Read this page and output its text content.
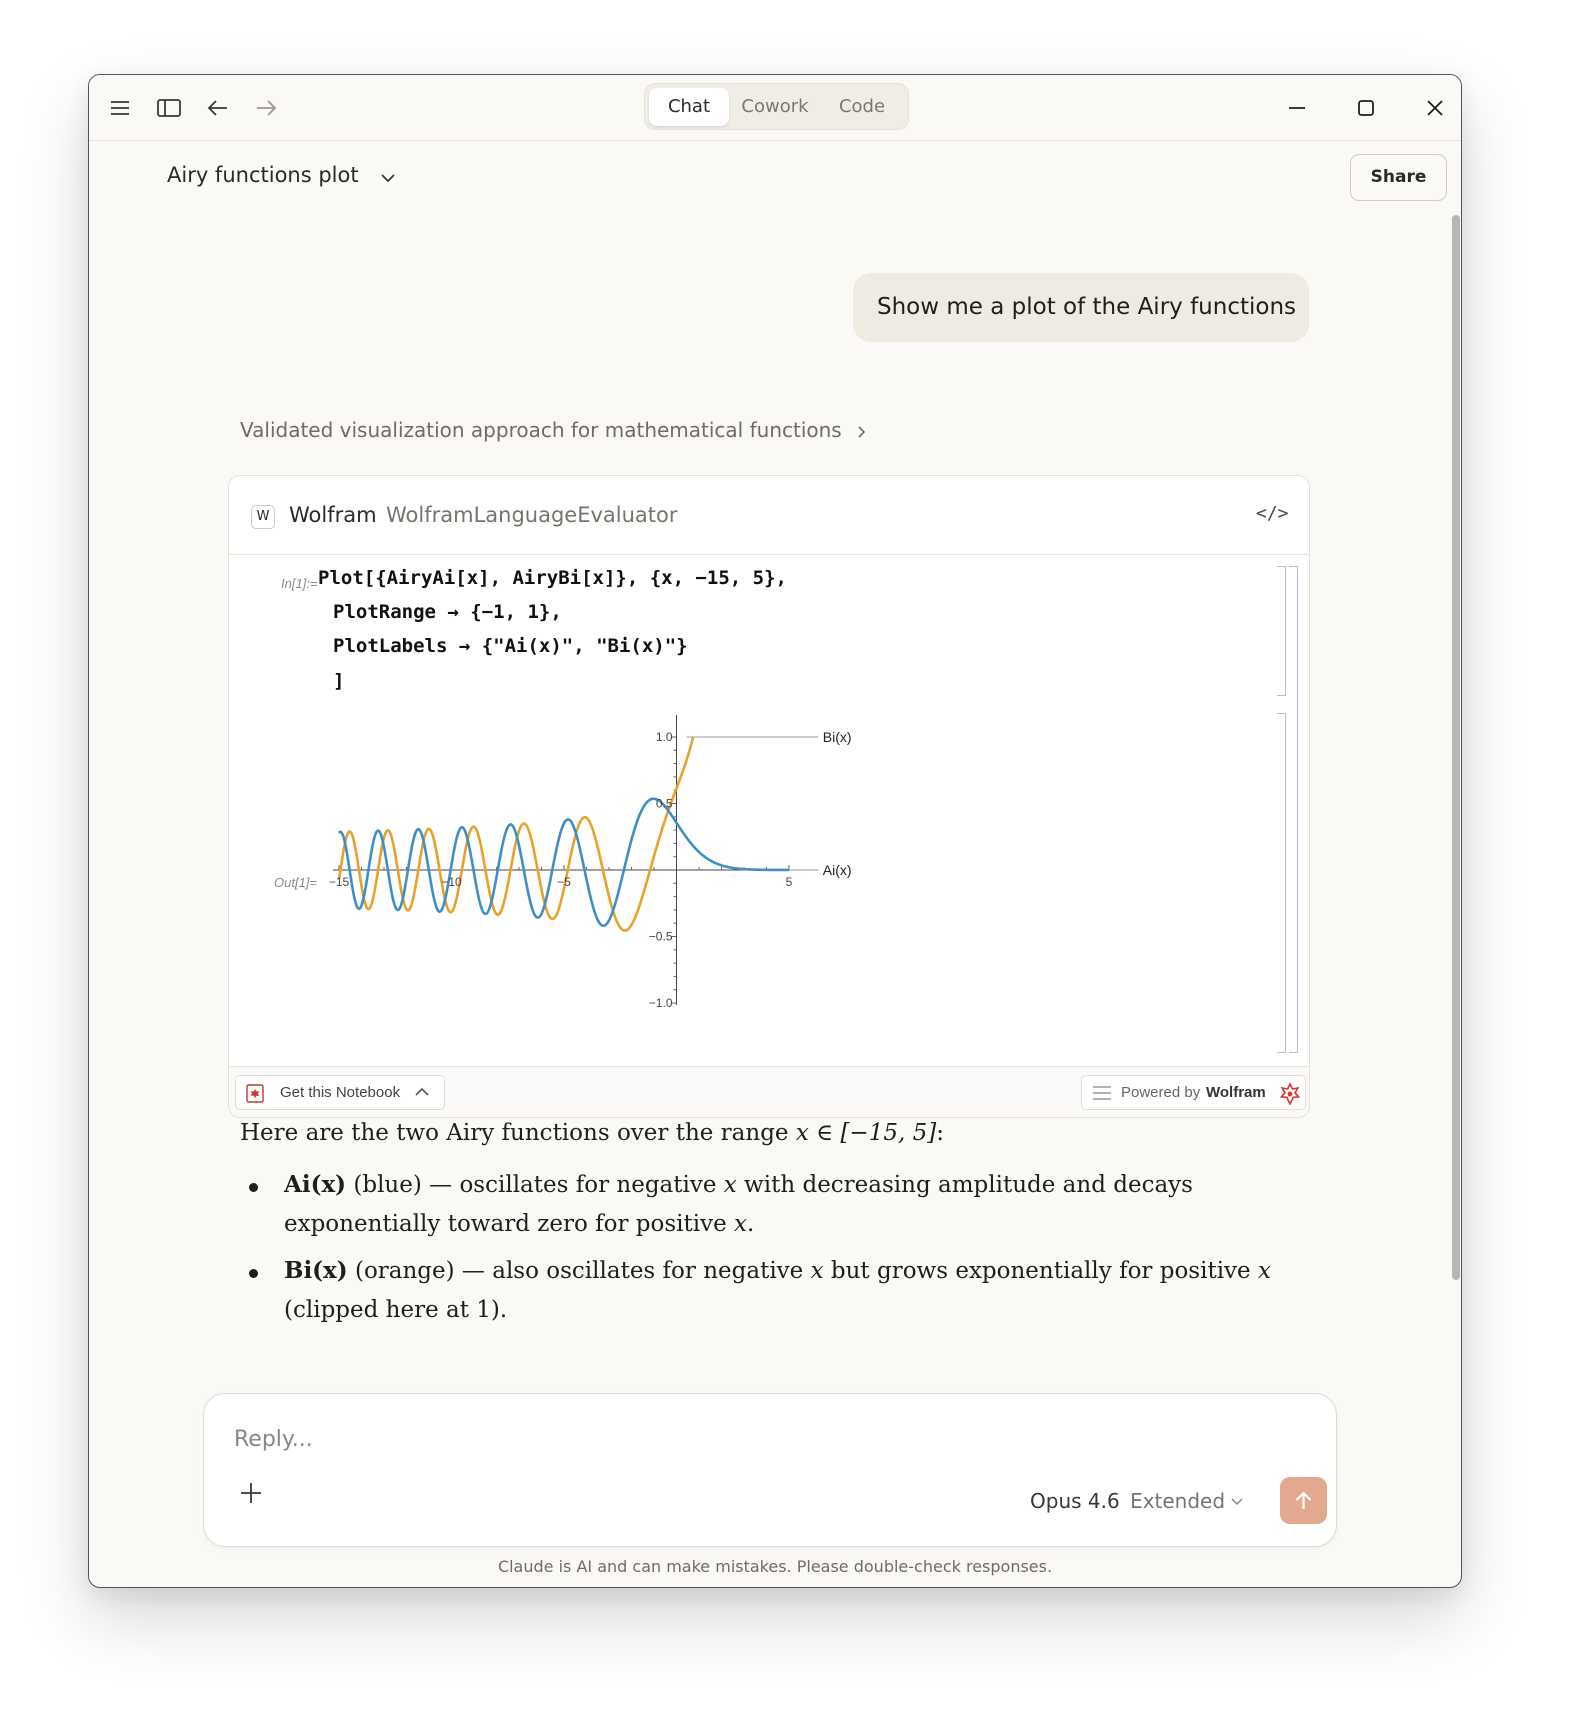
Chat	Cowork	Code
Airy functions plot	Share
Show me a plot of the Airy functions
Validated visualization approach for mathematical functions
W Wolfram WolframLanguageEvaluator	</>
In[1]:= Plot[{AiryAi[x], AiryBi[x]}, {x, −15, 5},
PlotRange → {−1, 1},
PlotLabels → {"Ai(x)", "Bi(x)"}
]
Out[1]= −15	−10	−5	5
1.0
0.5
−0.5
−1.0
Bi(x)
Ai(x)
Get this Notebook	Powered by Wolfram
Here are the two Airy functions over the range x ∈ [−15, 5]:
Ai(x) (blue) — oscillates for negative x with decreasing amplitude and decays
exponentially toward zero for positive x.
Bi(x) (orange) — also oscillates for negative x but grows exponentially for positive x
(clipped here at 1).
Reply...
Opus 4.6 Extended
Claude is AI and can make mistakes. Please double-check responses.
